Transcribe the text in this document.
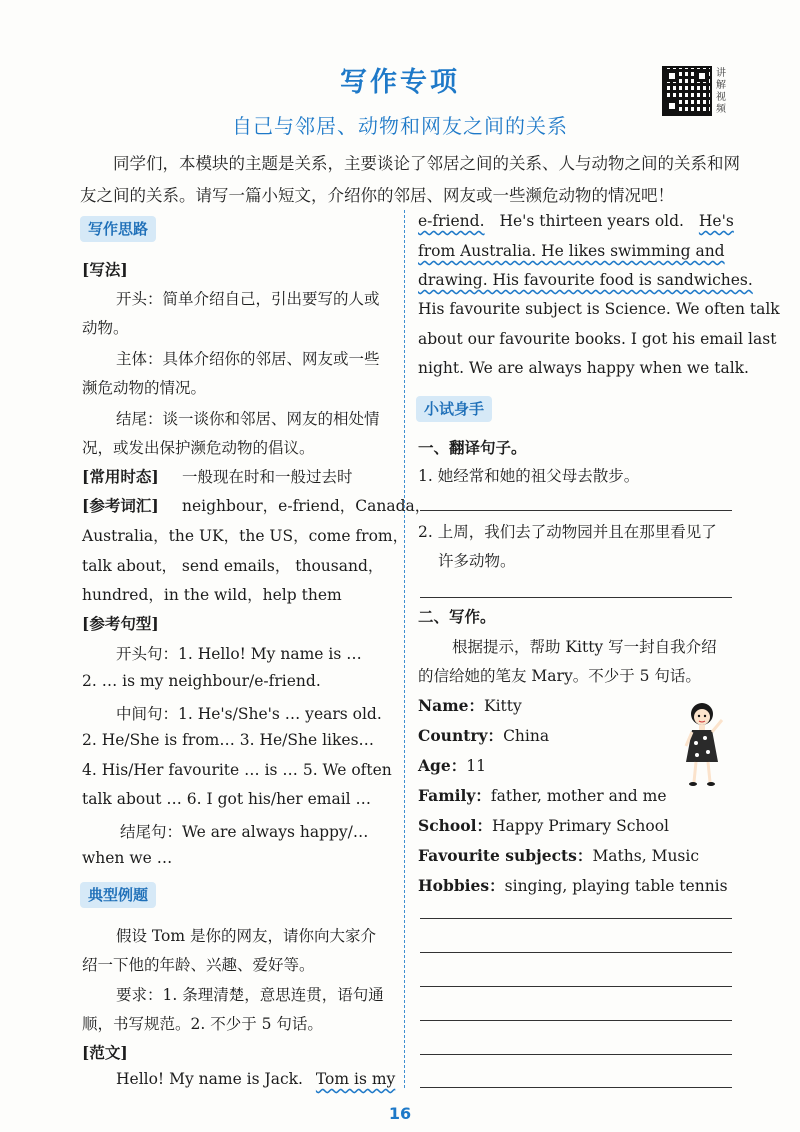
写作专项
自己与邻居、动物和网友之间的关系
讲解视频
同学们，本模块的主题是关系，主要谈论了邻居之间的关系、人与动物之间的关系和网友之间的关系。请写一篇小短文，介绍你的邻居、网友或一些濒危动物的情况吧！
写作思路
[写法]
开头：简单介绍自己，引出要写的人或
动物。
主体：具体介绍你的邻居、网友或一些
濒危动物的情况。
结尾：谈一谈你和邻居、网友的相处情
况，或发出保护濒危动物的倡议。
[常用时态] 一般现在时和一般过去时
[参考词汇] neighbour，e-friend，Canada，
Australia，the UK，the US，come from，
talk about， send emails， thousand，
hundred，in the wild，help them
[参考句型]
开头句：1. Hello! My name is …
2. … is my neighbour/e-friend.
中间句：1. He's/She's … years old.
2. He/She is from… 3. He/She likes…
4. His/Her favourite … is … 5. We often
talk about … 6. I got his/her email …
结尾句：We are always happy/…
when we …
典型例题
假设 Tom 是你的网友，请你向大家介
绍一下他的年龄、兴趣、爱好等。
要求：1. 条理清楚，意思连贯，语句通
顺，书写规范。2. 不少于 5 句话。
[范文]
Hello! My name is Jack. Tom is my
e-friend. He's thirteen years old. He's
from Australia. He likes swimming and
drawing. His favourite food is sandwiches.
His favourite subject is Science. We often talk
about our favourite books. I got his email last
night. We are always happy when we talk.
小试身手
一、翻译句子。
1. 她经常和她的祖父母去散步。
2. 上周，我们去了动物园并且在那里看见了
许多动物。
二、写作。
根据提示，帮助 Kitty 写一封自我介绍
的信给她的笔友 Mary。不少于 5 句话。
Name：Kitty
Country：China
Age：11
Family：father, mother and me
School：Happy Primary School
Favourite subjects：Maths, Music
Hobbies：singing, playing table tennis
16
